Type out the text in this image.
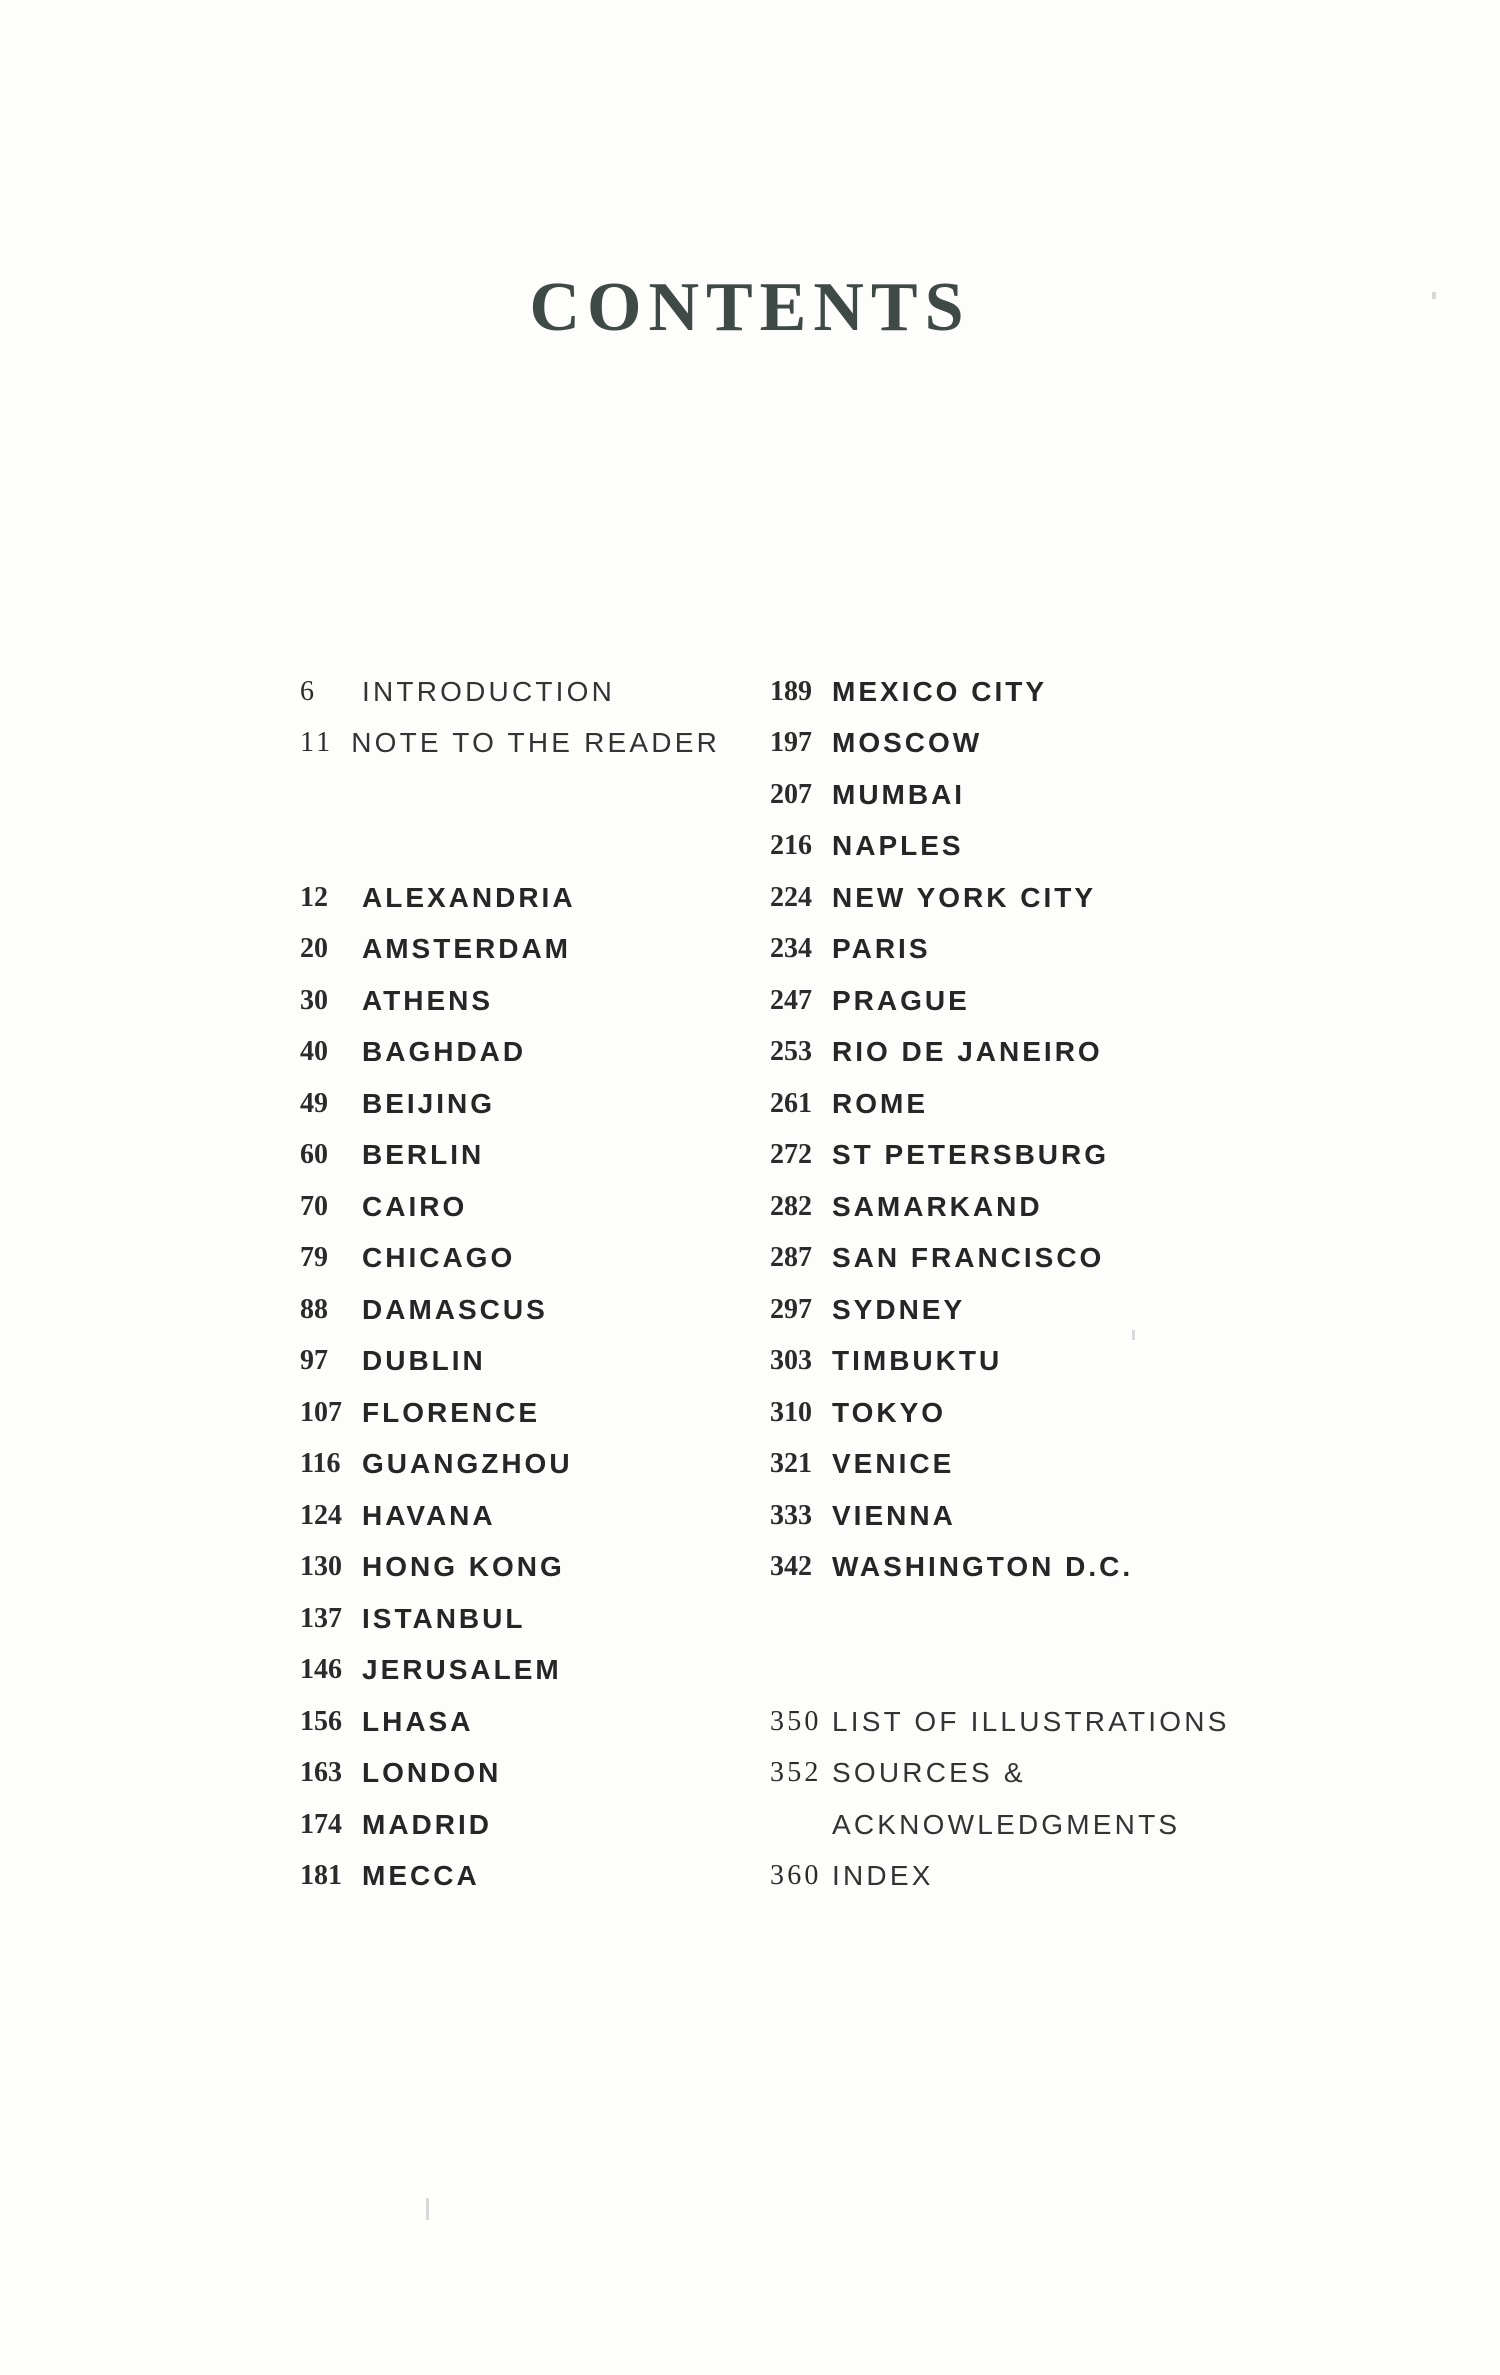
CONTENTS
6	INTRODUCTION
11 NOTE TO THE READER
12	ALEXANDRIA
20	AMSTERDAM
30	ATHENS
40	BAGHDAD
49	BEIJING
60	BERLIN
70	CAIRO
79	CHICAGO
88	DAMASCUS
97	DUBLIN
107 FLORENCE
116 GUANGZHOU
124 HAVANA
130 HONG KONG
137 ISTANBUL
146 JERUSALEM
156 LHASA
163 LONDON
174 MADRID
181 MECCA
189 MEXICO CITY
197 MOSCOW
207 MUMBAI
216 NAPLES
224 NEW YORK CITY
234 PARIS
247 PRAGUE
253 RIO DE JANEIRO
261 ROME
272 ST PETERSBURG
282 SAMARKAND
287 SAN FRANCISCO
297 SYDNEY
303 TIMBUKTU
310 TOKYO
321 VENICE
333 VIENNA
342 WASHINGTON D.C.
350 LIST OF ILLUSTRATIONS
352 SOURCES &
ACKNOWLEDGMENTS
360 INDEX
